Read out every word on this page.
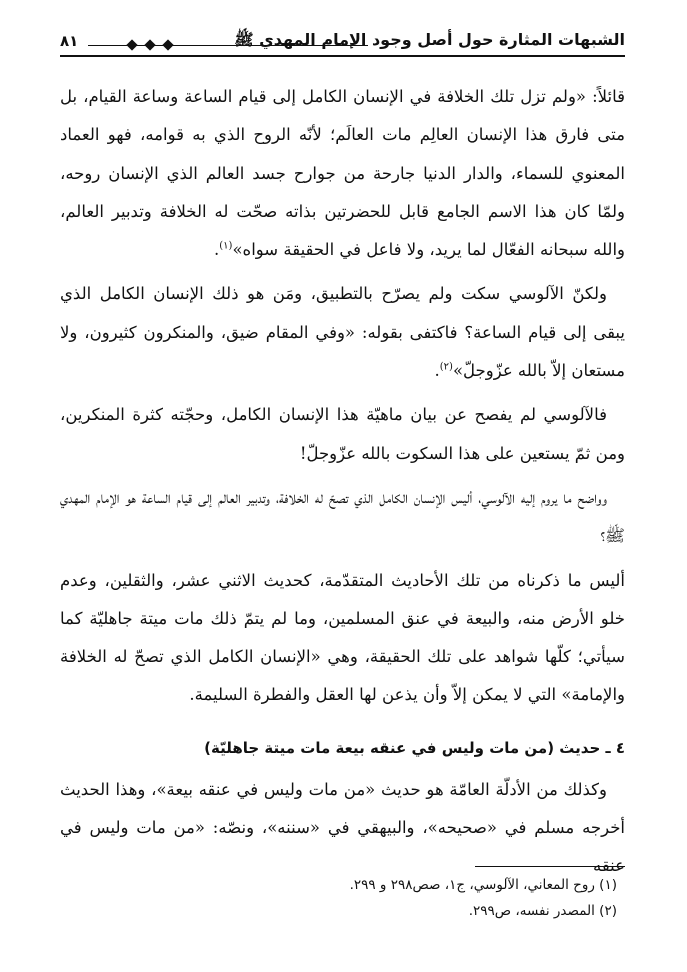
الشبهات المثارة حول أصل وجود الإمام المهدي ﷺ
٨١

قائلاً: «ولم تزل تلك الخلافة في الإنسان الكامل إلى قيام الساعة وساعة القيام، بل متى فارق هذا الإنسان العالِم مات العالَم؛ لأنّه الروح الذي به قوامه، فهو العماد المعنوي للسماء، والدار الدنيا جارحة من جوارح جسد العالم الذي الإنسان روحه، ولمّا كان هذا الاسم الجامع قابل للحضرتين بذاته صحّت له الخلافة وتدبير العالم، والله سبحانه الفعّال لما يريد، ولا فاعل في الحقيقة سواه»$^{(١)}$.

ولكنّ الآلوسي سكت ولم يصرّح بالتطبيق، ومَن هو ذلك الإنسان الكامل الذي يبقى إلى قيام الساعة؟ فاكتفى بقوله: «وفي المقام ضيق، والمنكرون كثيرون، ولا مستعان إلاّ بالله عزّوجلّ»$^{(٢)}$.

فالآلوسي لم يفصح عن بيان ماهيّة هذا الإنسان الكامل، وحجّته كثرة المنكرين، ومن ثمّ يستعين على هذا السكوت بالله عزّوجلّ!

وواضح ما يروم إليه الآلوسي، أليس الإنسان الكامل الذي تصحّ له الخلافة، وتدبير العالم إلى قيام الساعة هو الإمام المهدي ﷺ؟

أليس ما ذكرناه من تلك الأحاديث المتقدّمة، كحديث الاثني عشر، والثقلين، وعدم خلو الأرض منه، والبيعة في عنق المسلمين، وما لم يتمّ ذلك مات ميتة جاهليّة كما سيأتي؛ كلّها شواهد على تلك الحقيقة، وهي «الإنسان الكامل الذي تصحّ له الخلافة والإمامة» التي لا يمكن إلاّ وأن يذعن لها العقل والفطرة السليمة.

٤ ـ حديث (من مات وليس في عنقه بيعة مات ميتة جاهليّة)

وكذلك من الأدلّة العامّة هو حديث «من مات وليس في عنقه بيعة»، وهذا الحديث أخرجه مسلم في «صحيحه»، والبيهقي في «سننه»، ونصّه: «من مات وليس في عنقه

(١) روح المعاني، الآلوسي، ج١، صص٢٩٨ و ٢٩٩.
(٢) المصدر نفسه، ص٢٩٩.
